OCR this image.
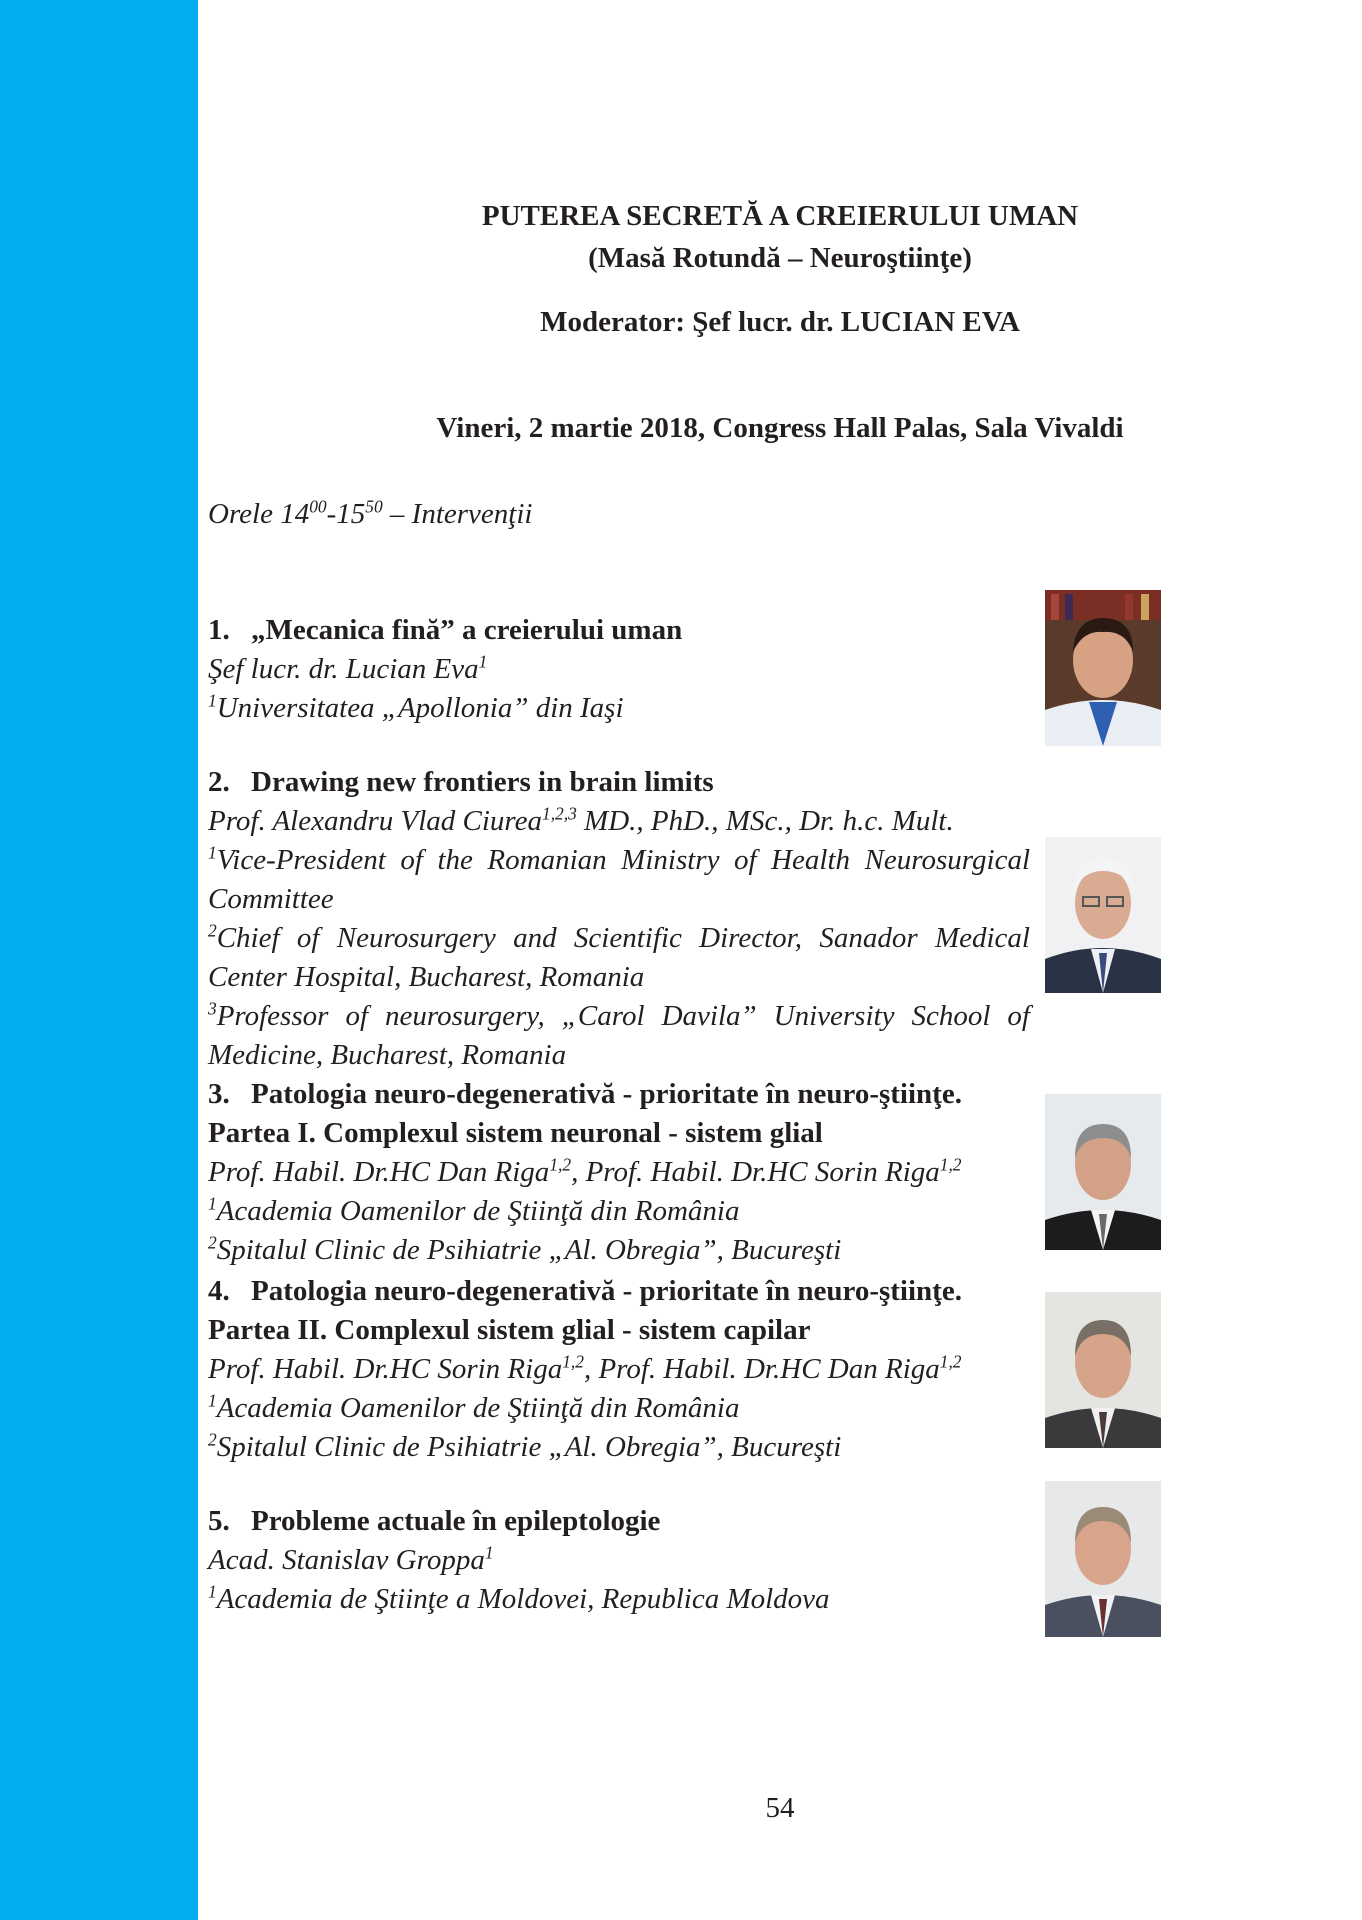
PUTEREA SECRETĂ A CREIERULUI UMAN
(Masă Rotundă – Neuroştiinţe)
Moderator: Şef lucr. dr. LUCIAN EVA
Vineri, 2 martie 2018, Congress Hall Palas, Sala Vivaldi
Orele $14^{00}-15^{50}$ – Intervenţii
1. „Mecanica fină” a creierului uman
Şef lucr. dr. Lucian Eva$^1$
$^1$Universitatea „Apollonia” din Iaşi
2. Drawing new frontiers in brain limits
Prof. Alexandru Vlad Ciurea$^{1,2,3}$ MD., PhD., MSc., Dr. h.c. Mult.
$^1$Vice-President of the Romanian Ministry of Health Neurosurgical Committee
$^2$Chief of Neurosurgery and Scientific Director, Sanador Medical Center Hospital, Bucharest, Romania
$^3$Professor of neurosurgery, „Carol Davila” University School of Medicine, Bucharest, Romania
3. Patologia neuro-degenerativă - prioritate în neuro-ştiinţe.
Partea I. Complexul sistem neuronal - sistem glial
Prof. Habil. Dr.HC Dan Riga$^{1,2}$, Prof. Habil. Dr.HC Sorin Riga$^{1,2}$
$^1$Academia Oamenilor de Ştiinţă din România
$^2$Spitalul Clinic de Psihiatrie „Al. Obregia”, Bucureşti
4. Patologia neuro-degenerativă - prioritate în neuro-ştiinţe.
Partea II. Complexul sistem glial - sistem capilar
Prof. Habil. Dr.HC Sorin Riga$^{1,2}$, Prof. Habil. Dr.HC Dan Riga$^{1,2}$
$^1$Academia Oamenilor de Ştiinţă din România
$^2$Spitalul Clinic de Psihiatrie „Al. Obregia”, Bucureşti
5. Probleme actuale în epileptologie
Acad. Stanislav Groppa$^1$
$^1$Academia de Ştiinţe a Moldovei, Republica Moldova
54
